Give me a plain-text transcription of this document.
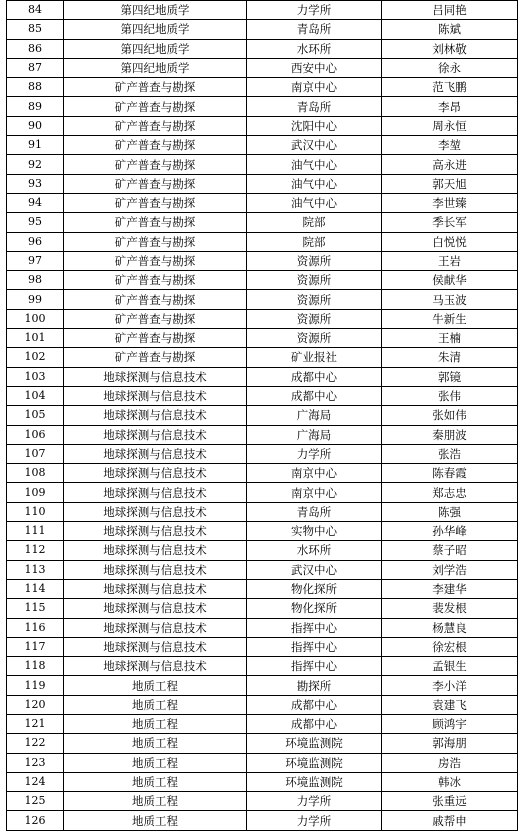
84	第四纪地质学	力学所	吕同艳
85	第四纪地质学	青岛所	陈斌
86	第四纪地质学	水环所	刘林敬
87	第四纪地质学	西安中心	徐永
88	矿产普查与勘探	南京中心	范飞鹏
89	矿产普查与勘探	青岛所	李昂
90	矿产普查与勘探	沈阳中心	周永恒
91	矿产普查与勘探	武汉中心	李堃
92	矿产普查与勘探	油气中心	高永进
93	矿产普查与勘探	油气中心	郭天旭
94	矿产普查与勘探	油气中心	李世臻
95	矿产普查与勘探	院部	季长军
96	矿产普查与勘探	院部	白悦悦
97	矿产普查与勘探	资源所	王岩
98	矿产普查与勘探	资源所	侯献华
99	矿产普查与勘探	资源所	马玉波
100	矿产普查与勘探	资源所	牛新生
101	矿产普查与勘探	资源所	王楠
102	矿产普查与勘探	矿业报社	朱清
103	地球探测与信息技术	成都中心	郭镜
104	地球探测与信息技术	成都中心	张伟
105	地球探测与信息技术	广海局	张如伟
106	地球探测与信息技术	广海局	秦朋波
107	地球探测与信息技术	力学所	张浩
108	地球探测与信息技术	南京中心	陈春霞
109	地球探测与信息技术	南京中心	郑志忠
110	地球探测与信息技术	青岛所	陈强
111	地球探测与信息技术	实物中心	孙华峰
112	地球探测与信息技术	水环所	蔡子昭
113	地球探测与信息技术	武汉中心	刘学浩
114	地球探测与信息技术	物化探所	李建华
115	地球探测与信息技术	物化探所	裴发根
116	地球探测与信息技术	指挥中心	杨慧良
117	地球探测与信息技术	指挥中心	徐宏根
118	地球探测与信息技术	指挥中心	孟银生
119	地质工程	勘探所	李小洋
120	地质工程	成都中心	袁建飞
121	地质工程	成都中心	顾鸿宇
122	地质工程	环境监测院	郭海朋
123	地质工程	环境监测院	房浩
124	地质工程	环境监测院	韩冰
125	地质工程	力学所	张重远
126	地质工程	力学所	戚帮申
